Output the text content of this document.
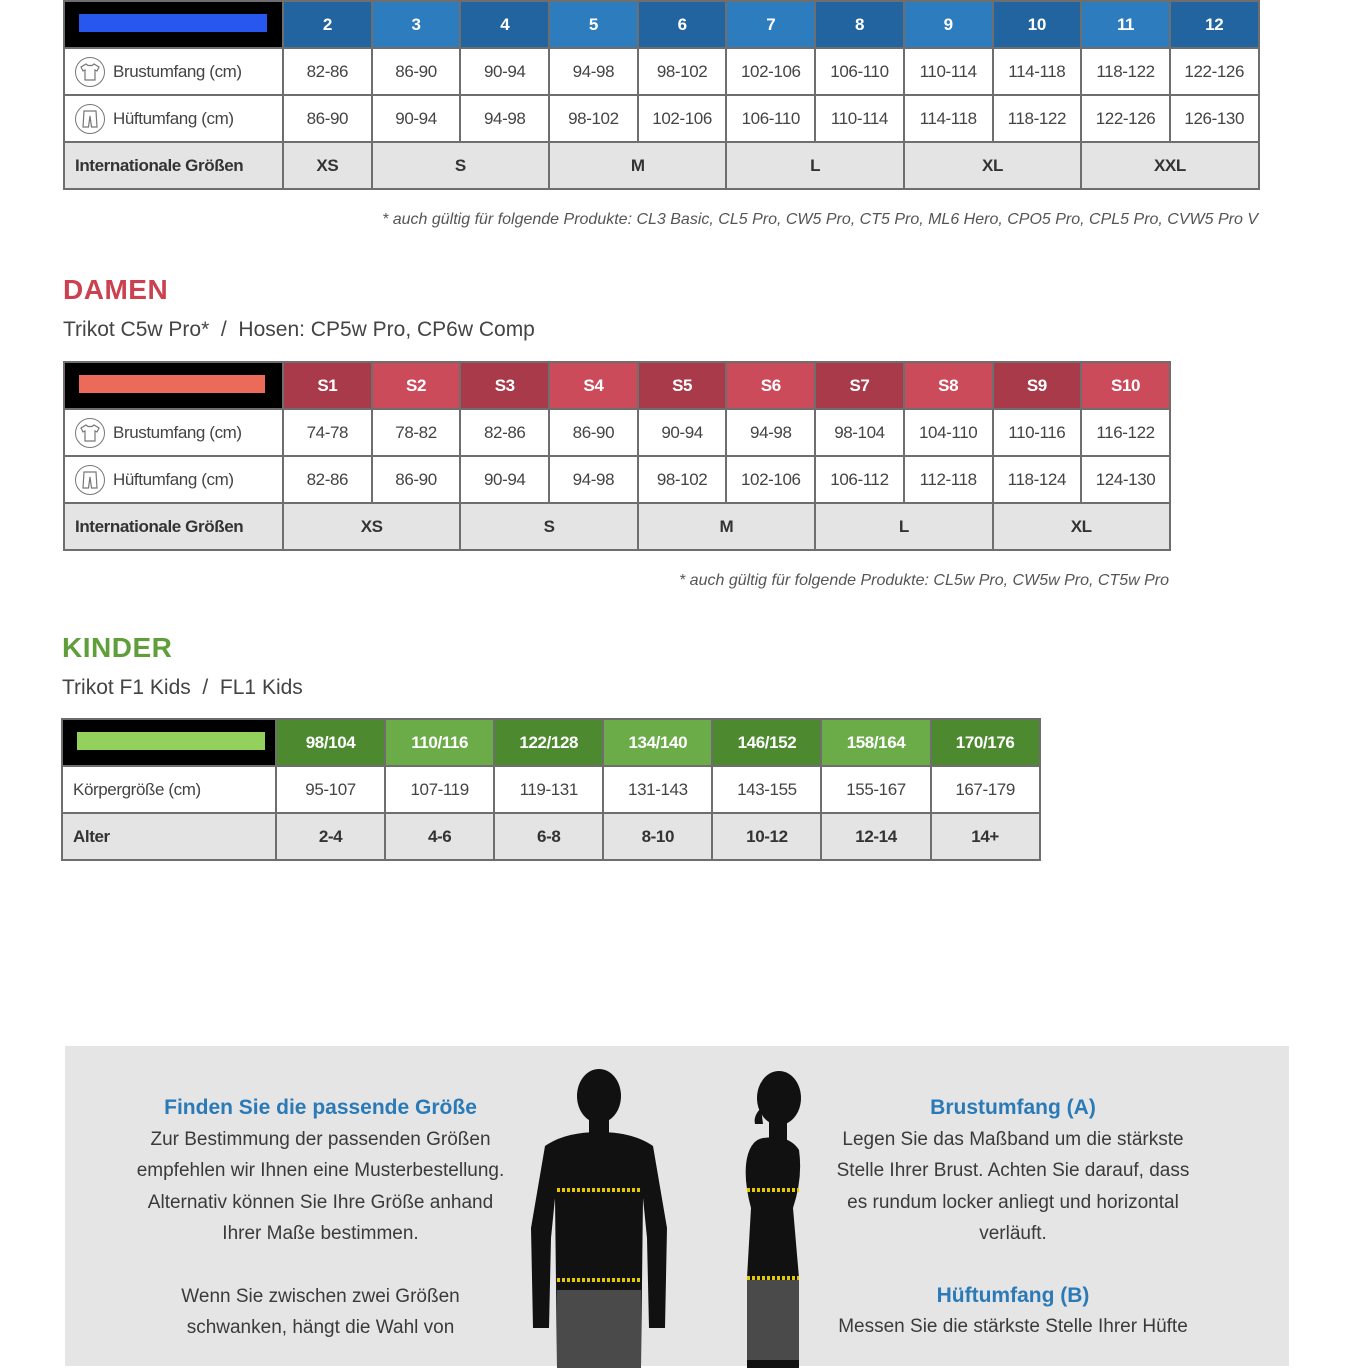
	2	3	4	5	6	7	8	9	10	11	12

Brustumfang (cm)	82-86	86-90	90-94	94-98	98-102	102-106	106-110	110-114	114-118	118-122	122-126

Hüftumfang (cm)	86-90	90-94	94-98	98-102	102-106	106-110	110-114	114-118	118-122	122-126	126-130
Internationale Größen	XS	S		M		L		XL		XXL	
* auch gültig für folgende Produkte: CL3 Basic, CL5 Pro, CW5 Pro, CT5 Pro, ML6 Hero, CPO5 Pro, CPL5 Pro, CVW5 Pro V
DAMEN
Trikot C5w Pro*  /  Hosen: CP5w Pro, CP6w Comp
	S1	S2	S3	S4	S5	S6	S7	S8	S9	S10

Brustumfang (cm)	74-78	78-82	82-86	86-90	90-94	94-98	98-104	104-110	110-116	116-122

Hüftumfang (cm)	82-86	86-90	90-94	94-98	98-102	102-106	106-112	112-118	118-124	124-130
Internationale Größen	XS		S		M		L		XL	
* auch gültig für folgende Produkte: CL5w Pro, CW5w Pro, CT5w Pro
KINDER
Trikot F1 Kids  /  FL1 Kids
	98/104	110/116	122/128	134/140	146/152	158/164	170/176
Körpergröße (cm)	95-107	107-119	119-131	131-143	143-155	155-167	167-179
Alter	2-4	4-6	6-8	8-10	10-12	12-14	14+
Finden Sie die passende Größe
Zur Bestimmung der passenden Größen empfehlen wir Ihnen eine Musterbestellung. Alternativ können Sie Ihre Größe anhand Ihrer Maße bestimmen.
Wenn Sie zwischen zwei Größen schwanken, hängt die Wahl von
Brustumfang (A)
Legen Sie das Maßband um die stärkste Stelle Ihrer Brust. Achten Sie darauf, dass es rundum locker anliegt und horizontal verläuft.
Hüftumfang (B)
Messen Sie die stärkste Stelle Ihrer Hüfte
